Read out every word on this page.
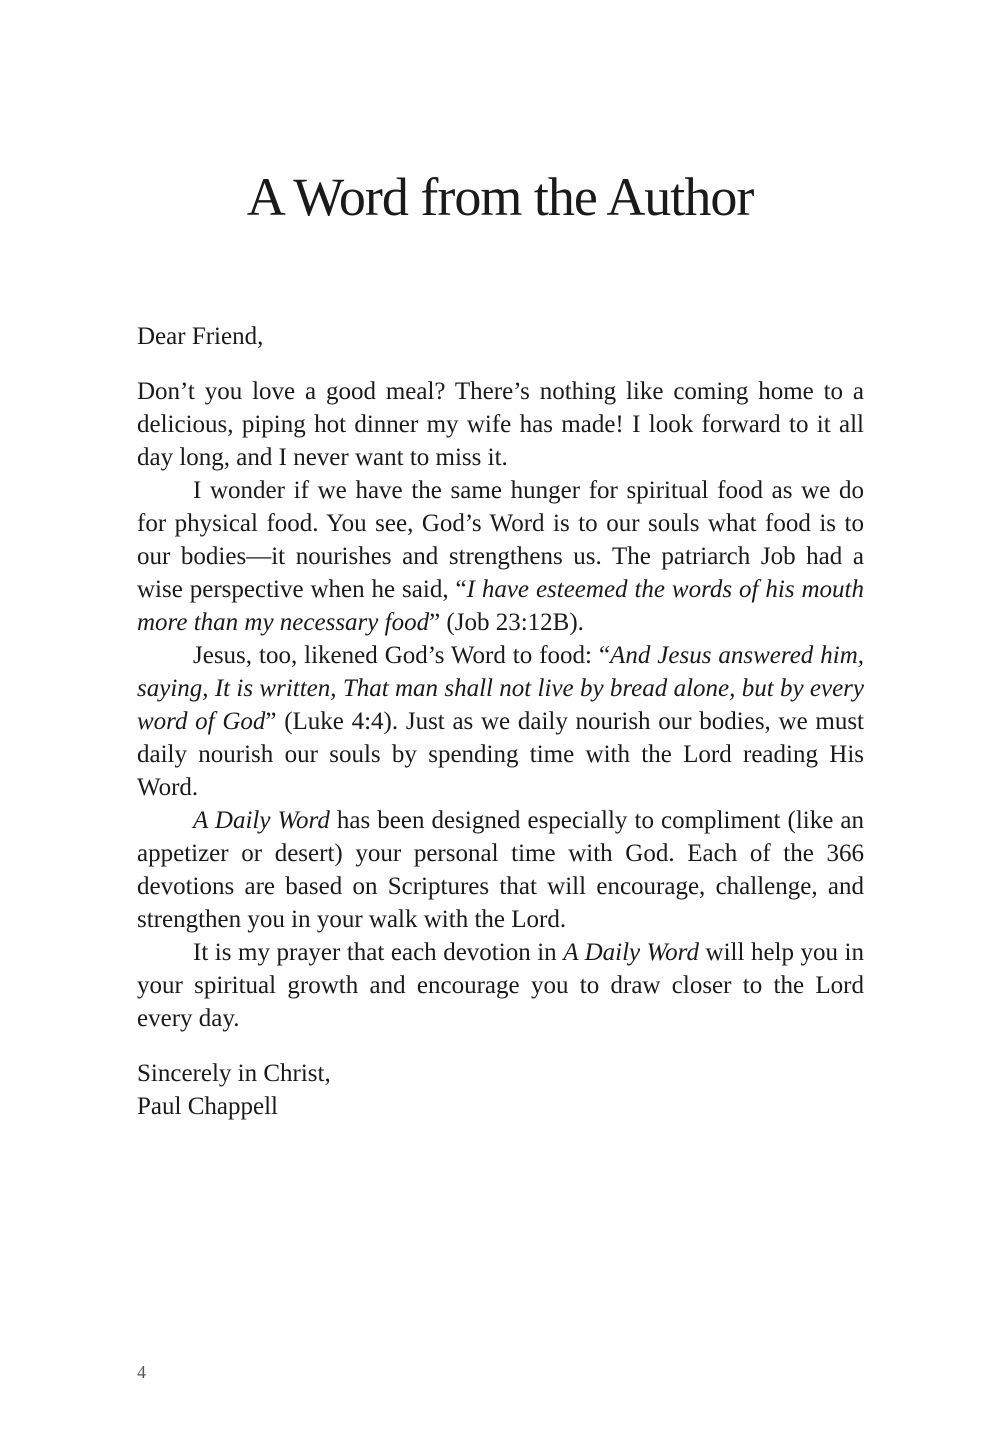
A Word from the Author

Dear Friend,

Don’t you love a good meal? There’s nothing like coming home to a delicious, piping hot dinner my wife has made! I look forward to it all day long, and I never want to miss it.

I wonder if we have the same hunger for spiritual food as we do for physical food. You see, God’s Word is to our souls what food is to our bodies—it nourishes and strengthens us. The patriarch Job had a wise perspective when he said, “I have esteemed the words of his mouth more than my necessary food” (Job 23:12B).

Jesus, too, likened God’s Word to food: “And Jesus answered him, saying, It is written, That man shall not live by bread alone, but by every word of God” (Luke 4:4). Just as we daily nourish our bodies, we must daily nourish our souls by spending time with the Lord reading His Word.

A Daily Word has been designed especially to compliment (like an appetizer or desert) your personal time with God. Each of the 366 devotions are based on Scriptures that will encourage, challenge, and strengthen you in your walk with the Lord.

It is my prayer that each devotion in A Daily Word will help you in your spiritual growth and encourage you to draw closer to the Lord every day.

Sincerely in Christ,
Paul Chappell

4
